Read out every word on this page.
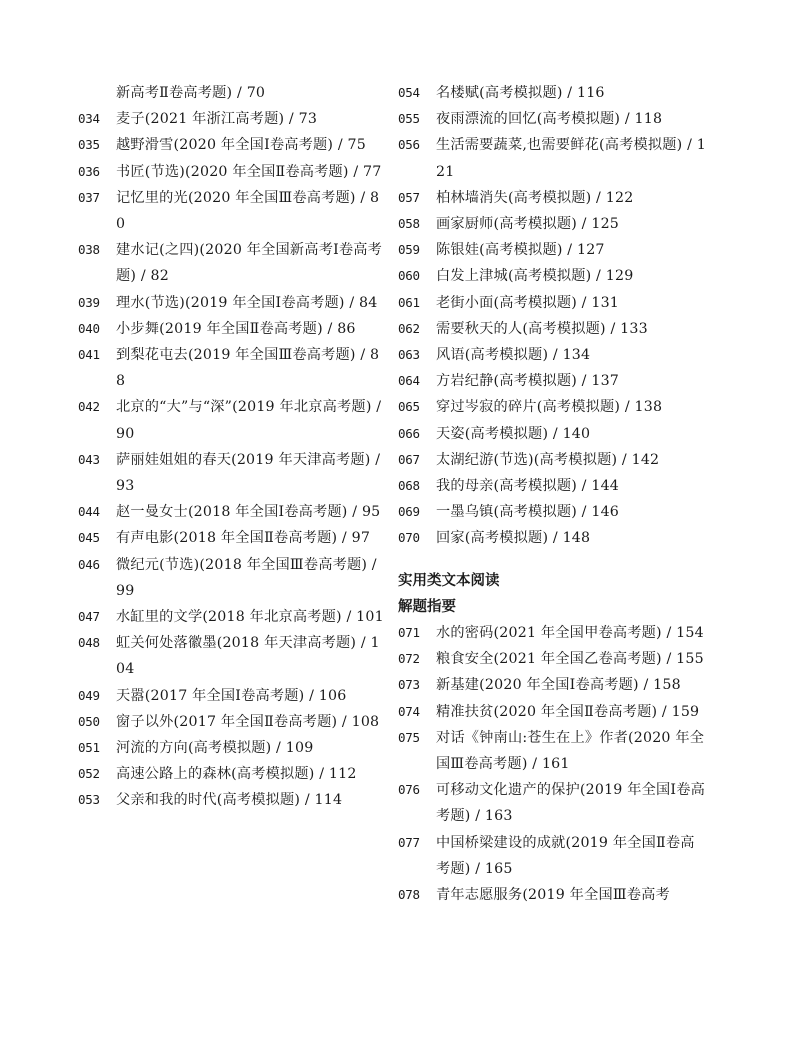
新高考Ⅱ卷高考题) / 70
034	麦子(2021 年浙江高考题) / 73
035	越野滑雪(2020 年全国Ⅰ卷高考题) / 75
036	书匠(节选)(2020 年全国Ⅱ卷高考题) / 77
037	记忆里的光(2020 年全国Ⅲ卷高考题) / 80
038	建水记(之四)(2020 年全国新高考Ⅰ卷高考题) / 82
039	理水(节选)(2019 年全国Ⅰ卷高考题) / 84
040	小步舞(2019 年全国Ⅱ卷高考题) / 86
041	到梨花屯去(2019 年全国Ⅲ卷高考题) / 88
042	北京的“大”与“深”(2019 年北京高考题) / 90
043	萨丽娃姐姐的春天(2019 年天津高考题) / 93
044	赵一曼女士(2018 年全国Ⅰ卷高考题) / 95
045	有声电影(2018 年全国Ⅱ卷高考题) / 97
046	微纪元(节选)(2018 年全国Ⅲ卷高考题) / 99
047	水缸里的文学(2018 年北京高考题) / 101
048	虹关何处落徽墨(2018 年天津高考题) / 104
049	天嚣(2017 年全国Ⅰ卷高考题) / 106
050	窗子以外(2017 年全国Ⅱ卷高考题) / 108
051	河流的方向(高考模拟题) / 109
052	高速公路上的森林(高考模拟题) / 112
053	父亲和我的时代(高考模拟题) / 114
054	名楼赋(高考模拟题) / 116
055	夜雨漂流的回忆(高考模拟题) / 118
056	生活需要蔬菜,也需要鲜花(高考模拟题) / 121
057	柏林墙消失(高考模拟题) / 122
058	画家厨师(高考模拟题) / 125
059	陈银娃(高考模拟题) / 127
060	白发上津城(高考模拟题) / 129
061	老街小面(高考模拟题) / 131
062	需要秋天的人(高考模拟题) / 133
063	风语(高考模拟题) / 134
064	方岩纪静(高考模拟题) / 137
065	穿过岑寂的碎片(高考模拟题) / 138
066	天姿(高考模拟题) / 140
067	太湖纪游(节选)(高考模拟题) / 142
068	我的母亲(高考模拟题) / 144
069	一墨乌镇(高考模拟题) / 146
070	回家(高考模拟题) / 148
实用类文本阅读
解题指要
071	水的密码(2021 年全国甲卷高考题) / 154
072	粮食安全(2021 年全国乙卷高考题) / 155
073	新基建(2020 年全国Ⅰ卷高考题) / 158
074	精准扶贫(2020 年全国Ⅱ卷高考题) / 159
075	对话《钟南山:苍生在上》作者(2020 年全国Ⅲ卷高考题) / 161
076	可移动文化遗产的保护(2019 年全国Ⅰ卷高考题) / 163
077	中国桥梁建设的成就(2019 年全国Ⅱ卷高考题) / 165
078	青年志愿服务(2019 年全国Ⅲ卷高考
